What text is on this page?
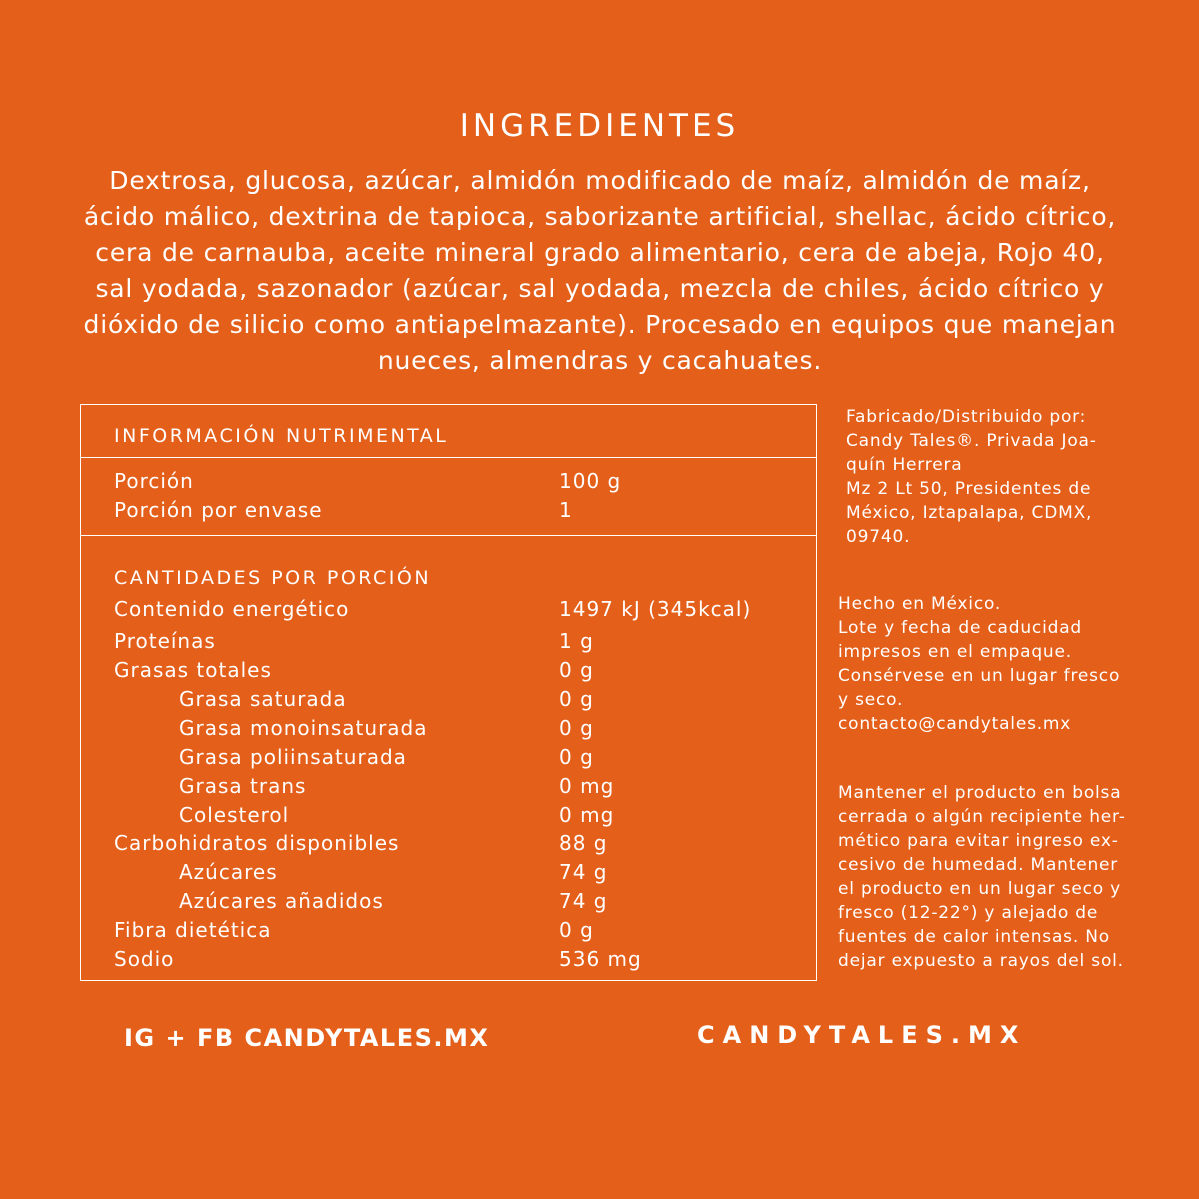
INGREDIENTES
Dextrosa, glucosa, azúcar, almidón modificado de maíz, almidón de maíz,
ácido málico, dextrina de tapioca, saborizante artificial, shellac, ácido cítrico,
cera de carnauba, aceite mineral grado alimentario, cera de abeja, Rojo 40,
sal yodada, sazonador (azúcar, sal yodada, mezcla de chiles, ácido cítrico y
dióxido de silicio como antiapelmazante). Procesado en equipos que manejan
nueces, almendras y cacahuates.
INFORMACIÓN NUTRIMENTAL
Porción	100 g
Porción por envase	1
CANTIDADES POR PORCIÓN
Contenido energético	1497 kJ (345kcal)
Proteínas	1 g
Grasas totales	0 g
Grasa saturada	0 g
Grasa monoinsaturada	0 g
Grasa poliinsaturada	0 g
Grasa trans	0 mg
Colesterol	0 mg
Carbohidratos disponibles	88 g
Azúcares	74 g
Azúcares añadidos	74 g
Fibra dietética	0 g
Sodio	536 mg
Fabricado/Distribuido por:
Candy Tales®. Privada Joa-
quín Herrera
Mz 2 Lt 50, Presidentes de
México, Iztapalapa, CDMX,
09740.
Hecho en México.
Lote y fecha de caducidad
impresos en el empaque.
Consérvese en un lugar fresco
y seco.
contacto@candytales.mx
Mantener el producto en bolsa
cerrada o algún recipiente her-
mético para evitar ingreso ex-
cesivo de humedad. Mantener
el producto en un lugar seco y
fresco (12-22°) y alejado de
fuentes de calor intensas. No
dejar expuesto a rayos del sol.
IG + FB CANDYTALES.MX	CANDYTALES.MX
